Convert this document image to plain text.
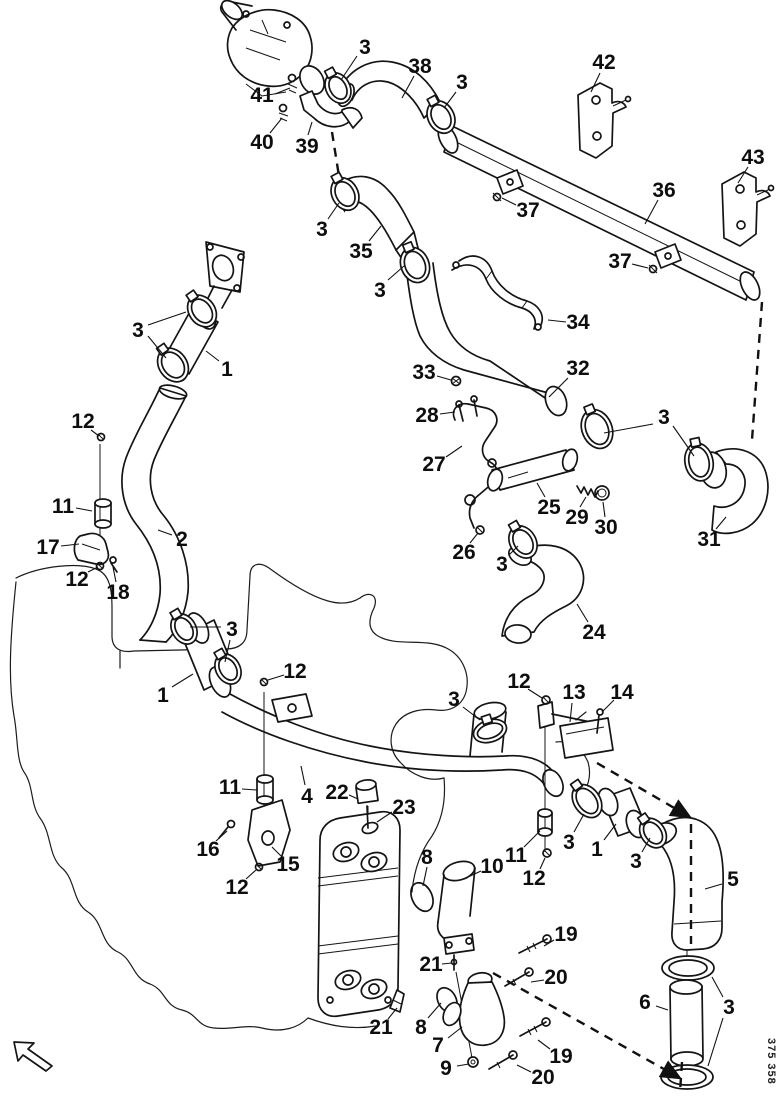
3
41
40 39
38
3
42
43
36
37
37
34
3
35
3
33	32
3
28
27
25 29 30
26
3
31
24
12
11
17
12
18
2
3
1
3
1
12
11	4 22
23
16
15
12
12 13 14
3
11
12
10
8
3 1
3
5
19
21
20
21 8
7
9
19
20
6	3
375 358
